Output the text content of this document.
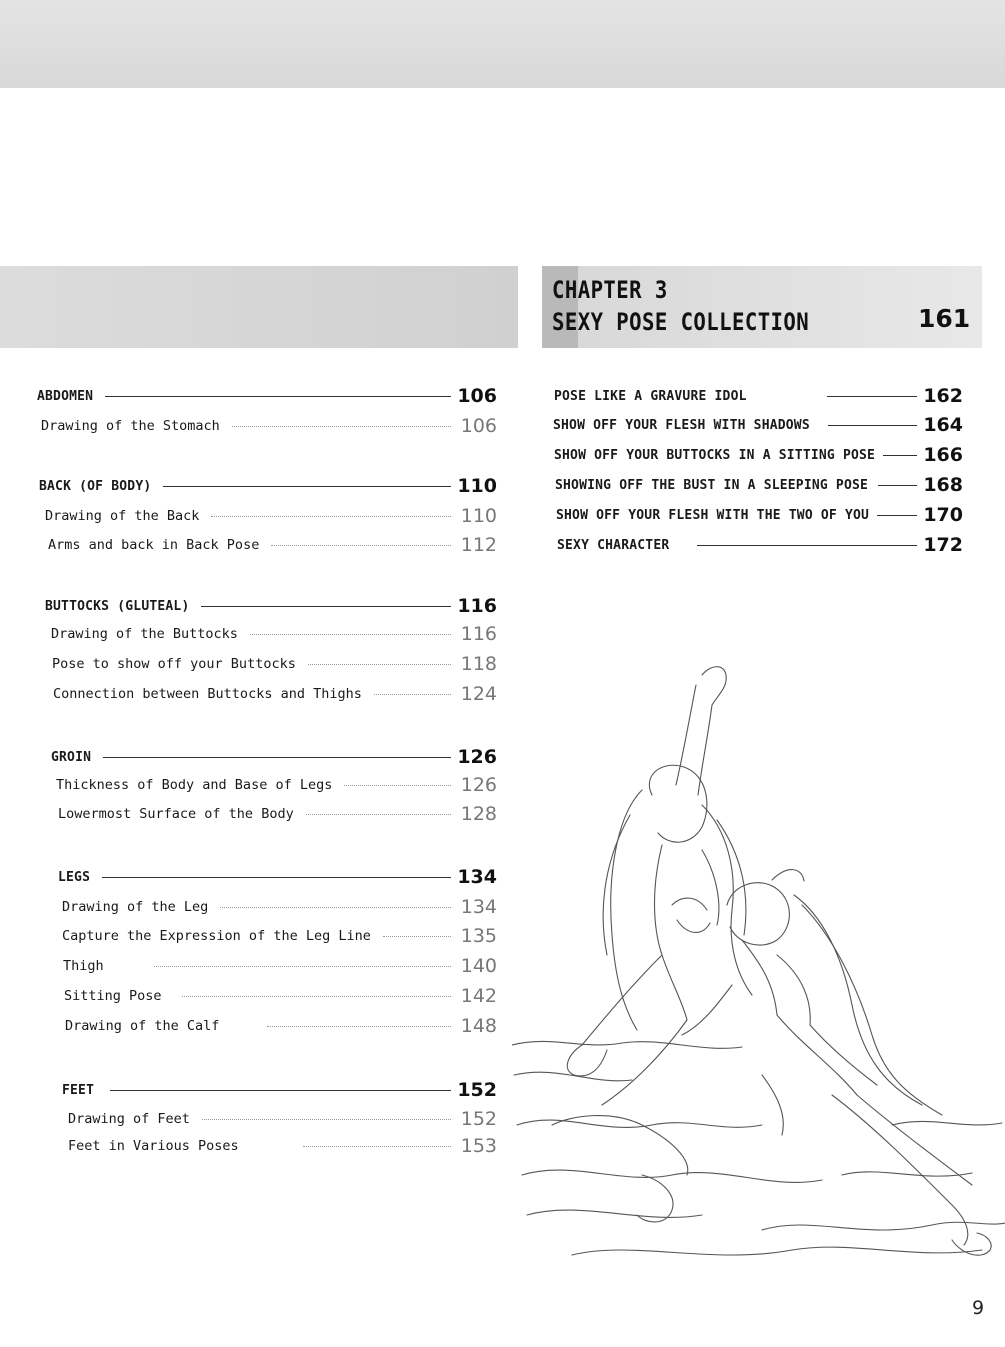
CHAPTER 3

SEXY POSE COLLECTION	161

ABDOMEN	106
Drawing of the Stomach	106
BACK (OF BODY)	110
Drawing of the Back	110
Arms and back in Back Pose	112
BUTTOCKS (GLUTEAL)	116
Drawing of the Buttocks	116
Pose to show off your Buttocks	118
Connection between Buttocks and Thighs	124
GROIN	126
Thickness of Body and Base of Legs	126
Lowermost Surface of the Body	128
LEGS	134
Drawing of the Leg	134
Capture the Expression of the Leg Line	135
Thigh	140
Sitting Pose	142
Drawing of the Calf	148
FEET	152
Drawing of Feet	152
Feet in Various Poses	153
POSE LIKE A GRAVURE IDOL	162
SHOW OFF YOUR FLESH WITH SHADOWS	164
SHOW OFF YOUR BUTTOCKS IN A SITTING POSE	166
SHOWING OFF THE BUST IN A SLEEPING POSE	168
SHOW OFF YOUR FLESH WITH THE TWO OF YOU	170
SEXY CHARACTER	172

9
